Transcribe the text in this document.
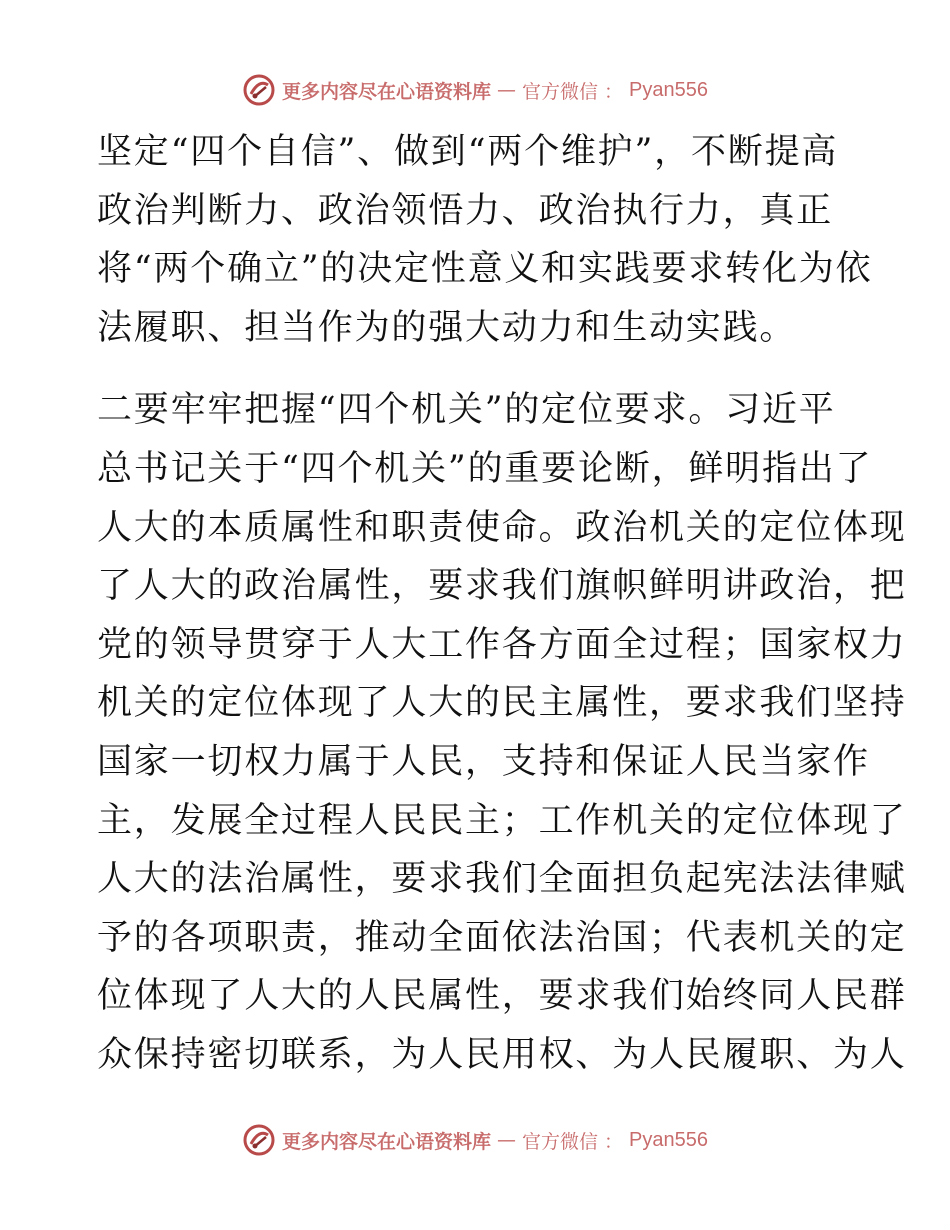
更多内容尽在心语资料库 — 官方微信 ： Pyan556
坚定“四个自信”、做到“两个维护”，不断提高
政治判断力、政治领悟力、政治执行力，真正
将“两个确立”的决定性意义和实践要求转化为依
法履职、担当作为的强大动力和生动实践。
二要牢牢把握“四个机关”的定位要求。习近平
总书记关于“四个机关”的重要论断，鲜明指出了
人大的本质属性和职责使命。政治机关的定位体现
了人大的政治属性，要求我们旗帜鲜明讲政治，把
党的领导贯穿于人大工作各方面全过程；国家权力
机关的定位体现了人大的民主属性，要求我们坚持
国家一切权力属于人民，支持和保证人民当家作
主，发展全过程人民民主；工作机关的定位体现了
人大的法治属性，要求我们全面担负起宪法法律赋
予的各项职责，推动全面依法治国；代表机关的定
位体现了人大的人民属性，要求我们始终同人民群
众保持密切联系，为人民用权、为人民履职、为人
更多内容尽在心语资料库 — 官方微信 ： Pyan556
